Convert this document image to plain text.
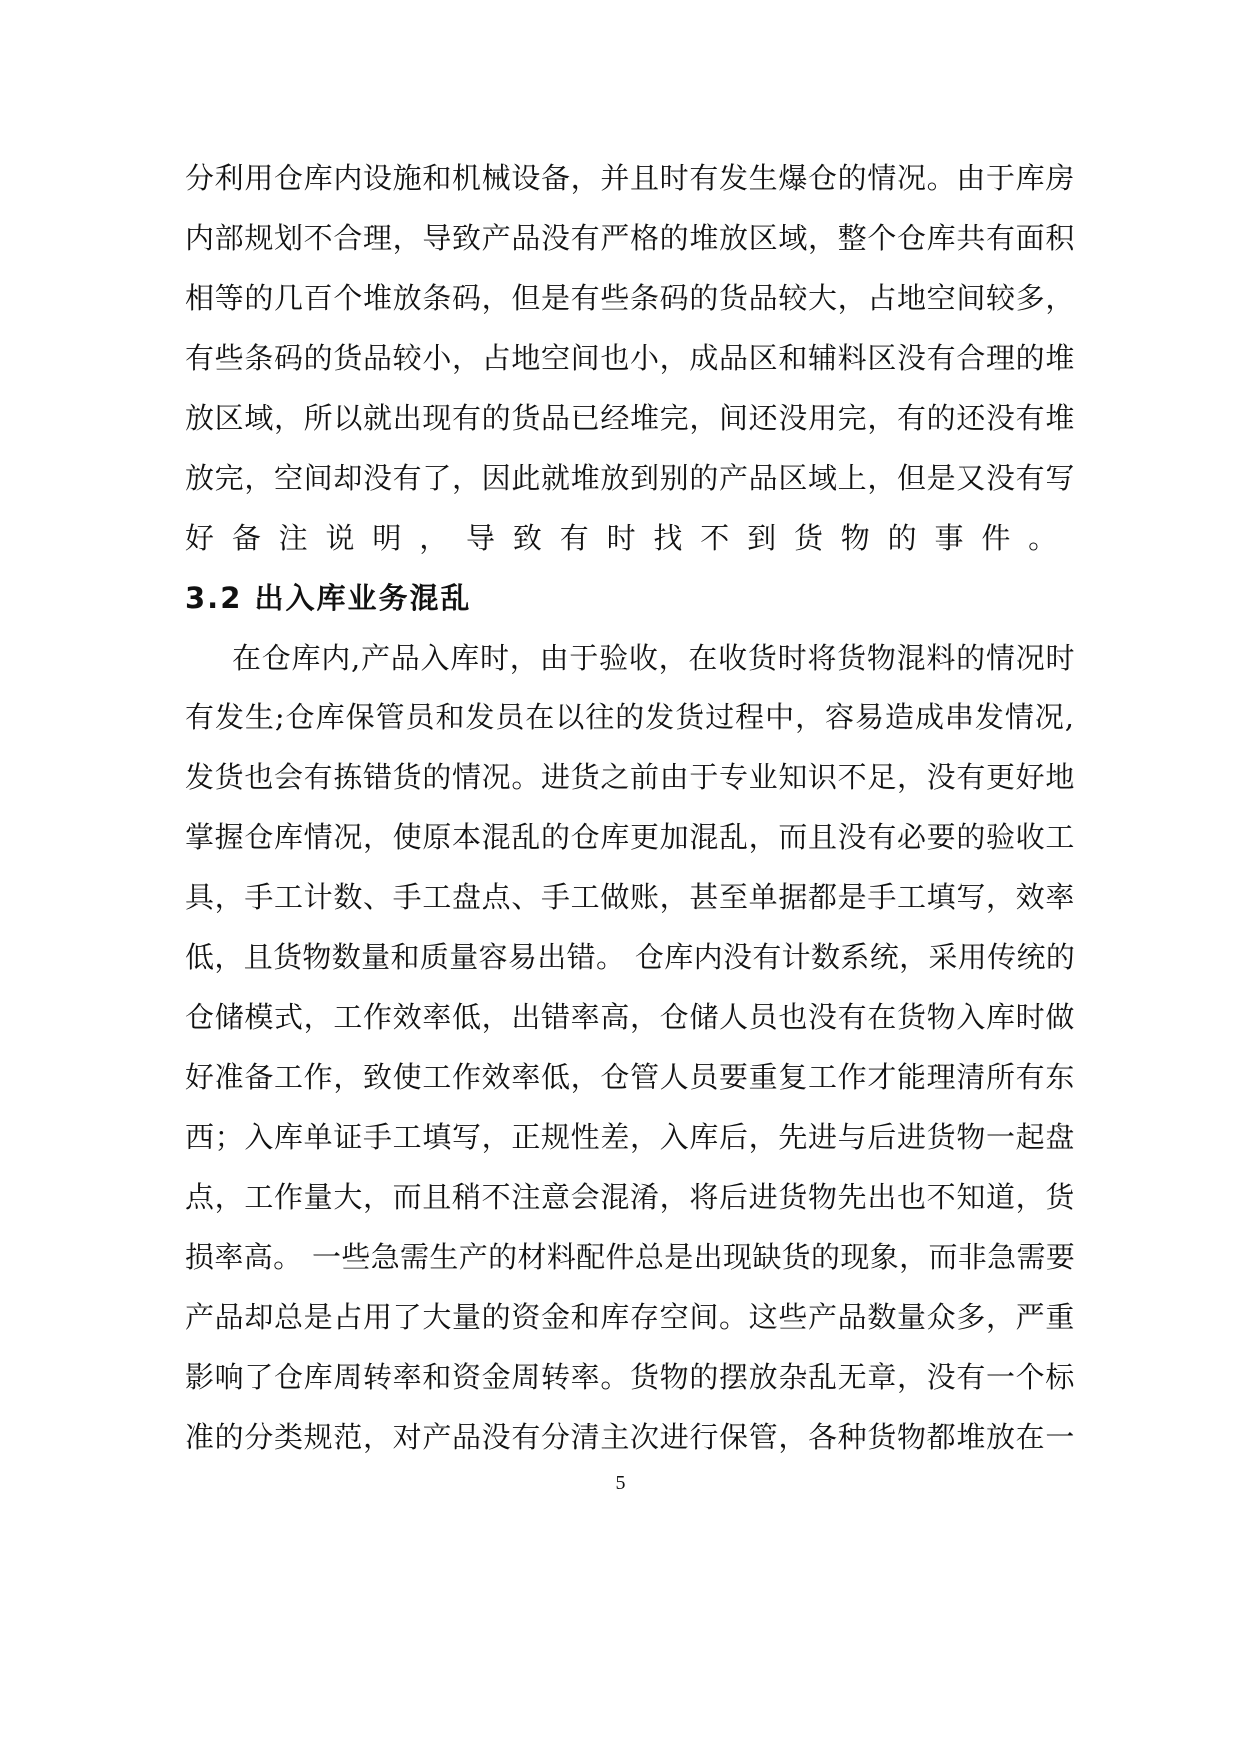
分利用仓库内设施和机械设备，并且时有发生爆仓的情况。由于库房

内部规划不合理，导致产品没有严格的堆放区域，整个仓库共有面积

相等的几百个堆放条码，但是有些条码的货品较大，占地空间较多，

有些条码的货品较小，占地空间也小，成品区和辅料区没有合理的堆

放区域，所以就出现有的货品已经堆完，间还没用完，有的还没有堆

放完，空间却没有了，因此就堆放到别的产品区域上，但是又没有写

好备注说明，导致有时找不到货物的事件。

3.2 出入库业务混乱

在仓库内,产品入库时，由于验收，在收货时将货物混料的情况时

有发生;仓库保管员和发员在以往的发货过程中，容易造成串发情况,

发货也会有拣错货的情况。进货之前由于专业知识不足，没有更好地

掌握仓库情况，使原本混乱的仓库更加混乱，而且没有必要的验收工

具，手工计数、手工盘点、手工做账，甚至单据都是手工填写，效率

低，且货物数量和质量容易出错。 仓库内没有计数系统，采用传统的

仓储模式，工作效率低，出错率高，仓储人员也没有在货物入库时做

好准备工作，致使工作效率低，仓管人员要重复工作才能理清所有东

西；入库单证手工填写，正规性差，入库后，先进与后进货物一起盘

点，工作量大，而且稍不注意会混淆，将后进货物先出也不知道，货

损率高。 一些急需生产的材料配件总是出现缺货的现象，而非急需要

产品却总是占用了大量的资金和库存空间。这些产品数量众多，严重

影响了仓库周转率和资金周转率。货物的摆放杂乱无章，没有一个标

准的分类规范，对产品没有分清主次进行保管，各种货物都堆放在一

5
